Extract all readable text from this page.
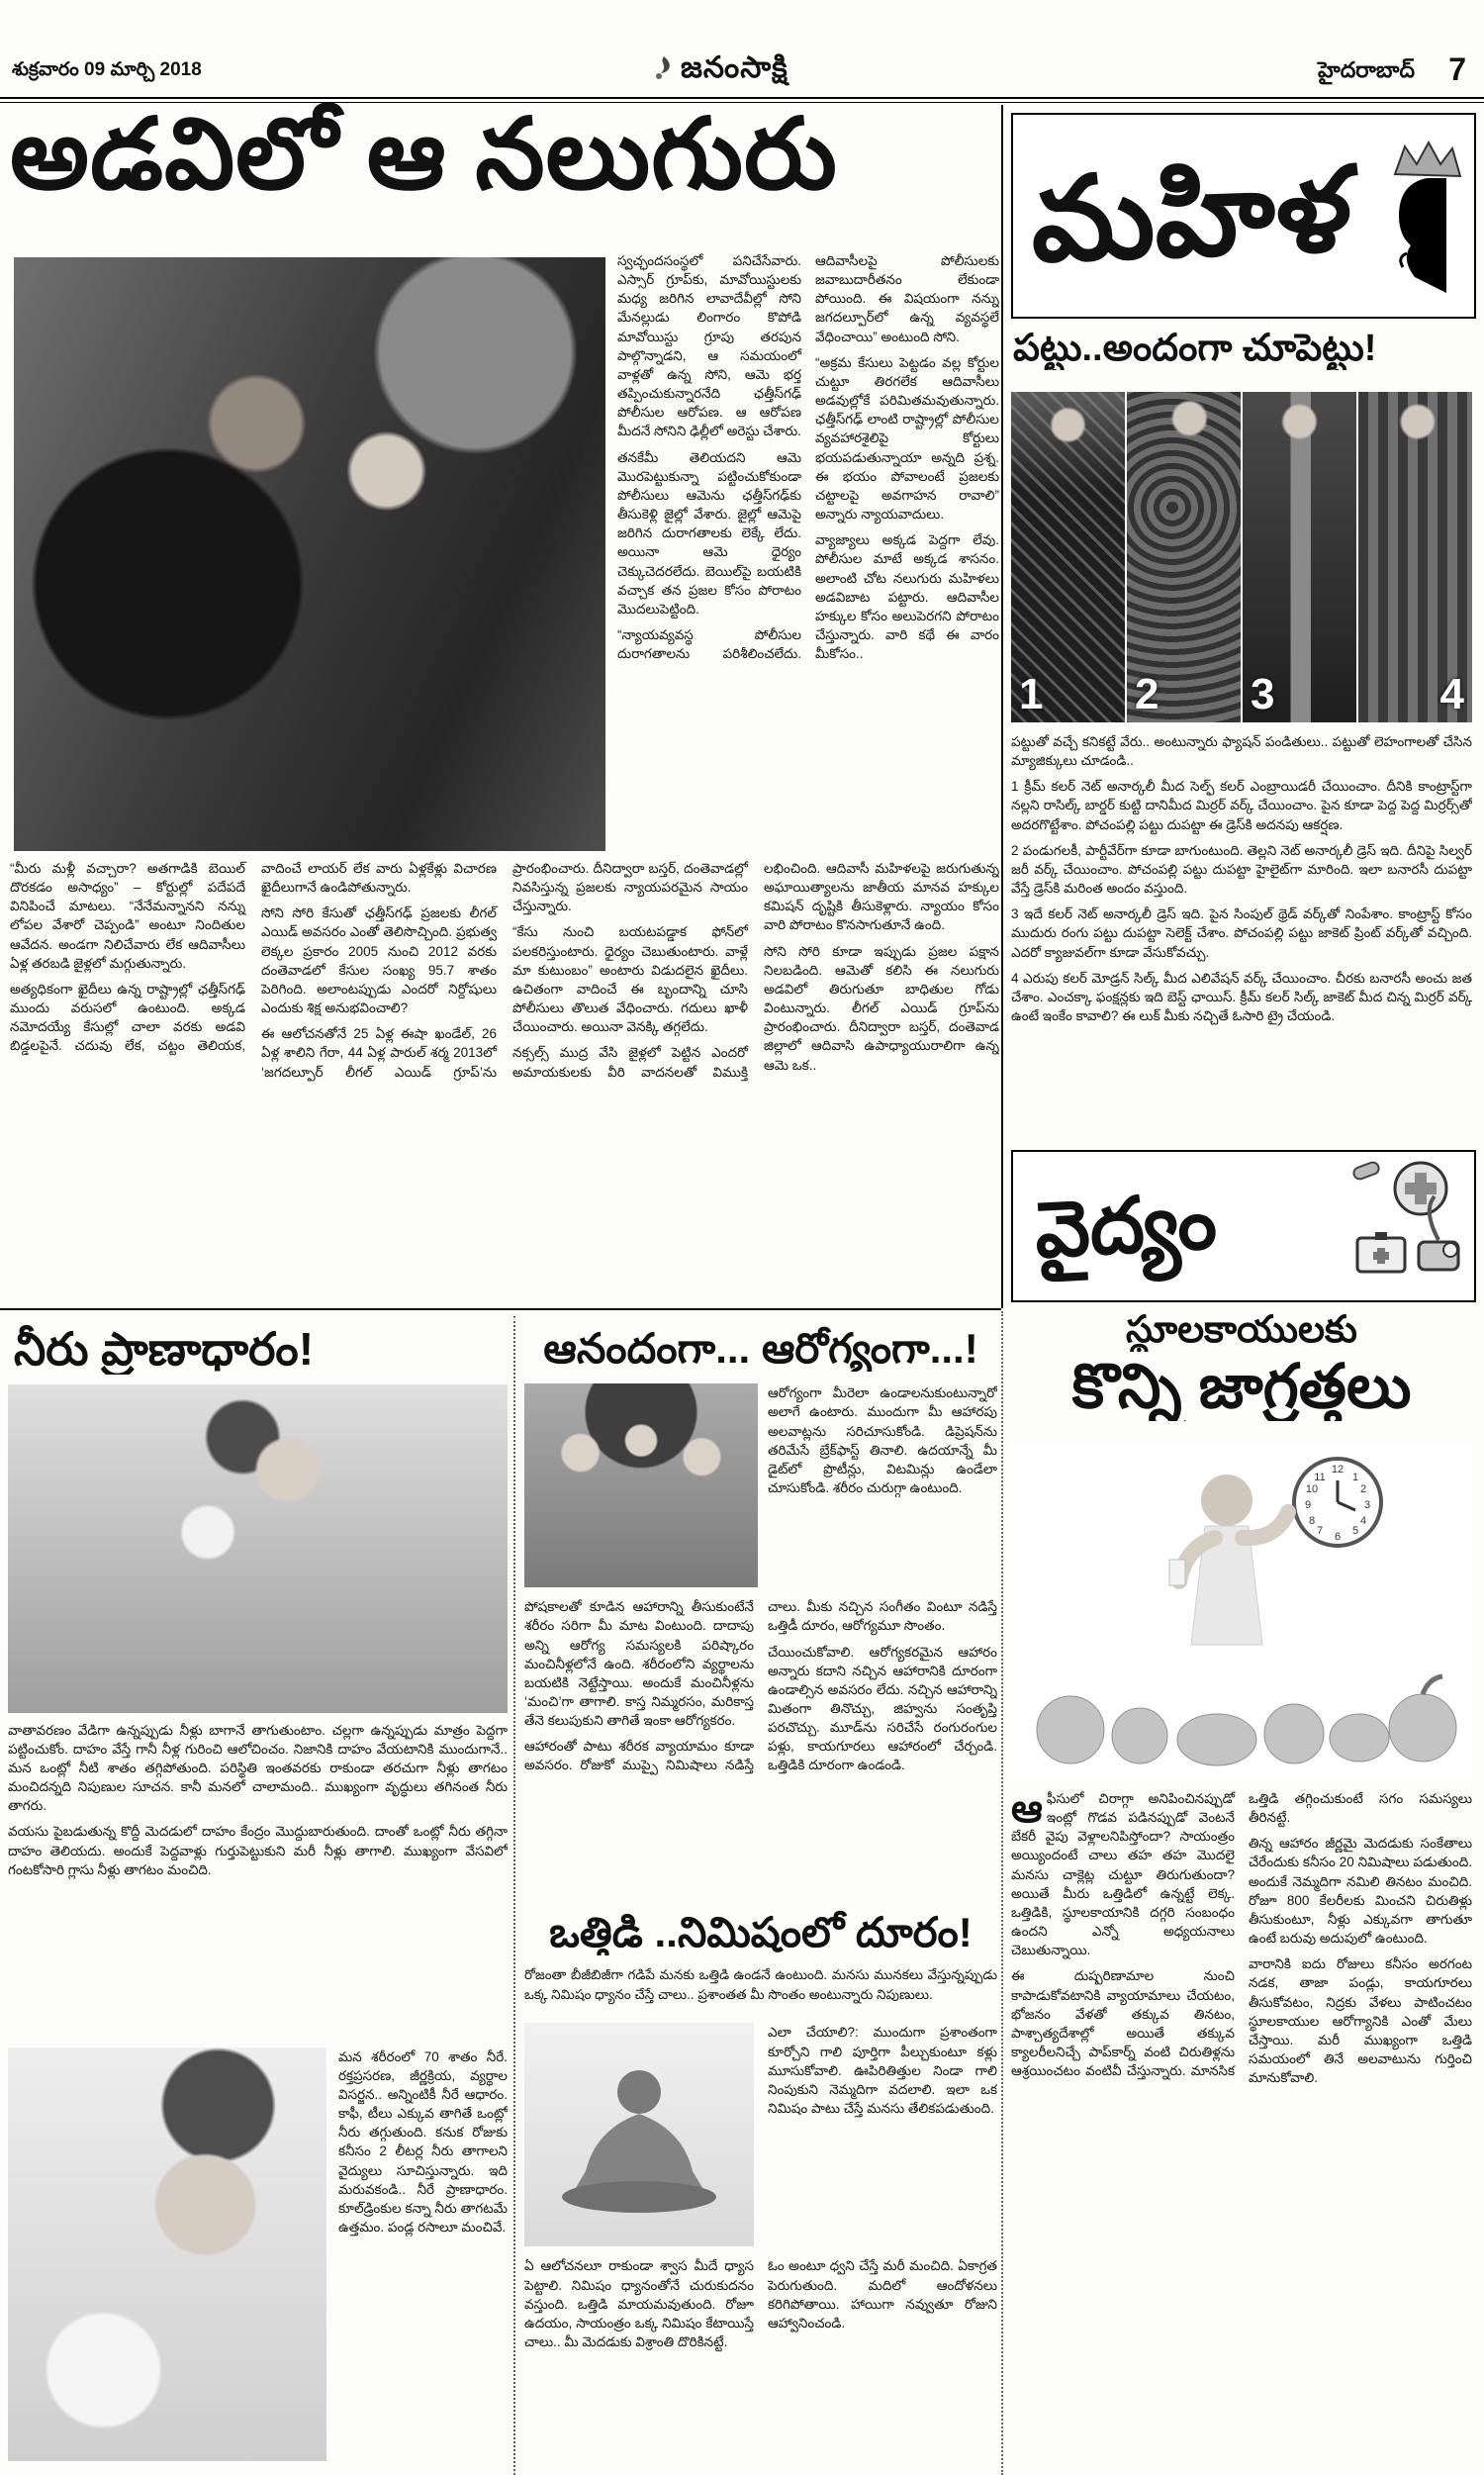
శుక్రవారం 09 మార్చి 2018	జనంసాక్షి	హైదరాబాద్ 7
అడవిలో ఆ నలుగురు

స్వచ్ఛందసంస్థలో పనిచేసేవారు. ఎస్సార్ గ్రూప్‌కు, మావోయిస్టులకు మధ్య జరిగిన లావాదేవీల్లో సోని మేనల్లుడు లింగారం కొపోడి మావోయిస్టు గ్రూపు తరపున పాల్గొన్నాడని, ఆ సమయంలో వాళ్లతో ఉన్న సోని, ఆమె భర్త తప్పించుకున్నారనేది ఛత్తీస్‌గఢ్ పోలీసుల ఆరోపణ. ఆ ఆరోపణ మీదనే సోనిని ఢిల్లీలో అరెస్టు చేశారు.

తనకేమీ తెలియదని ఆమె మొరపెట్టుకున్నా పట్టించుకోకుండా పోలీసులు ఆమెను ఛత్తీస్‌గఢ్‌కు తీసుకెళ్లి జైల్లో వేశారు. జైల్లో ఆమెపై జరిగిన దురాగతాలకు లెక్కే లేదు. అయినా ఆమె ధైర్యం చెక్కుచెదరలేదు. బెయిల్‌పై బయటికి వచ్చాక తన ప్రజల కోసం పోరాటం మొదలుపెట్టింది.

“న్యాయవ్యవస్థ పోలీసుల దురాగతాలను పరిశీలించలేదు. ఆదివాసీలపై పోలీసులకు జవాబుదారీతనం లేకుండా పోయింది. ఈ విషయంగా నన్ను జగదల్పూర్‌లో ఉన్న వ్యవస్థలే వేధించాయి” అంటుంది సోని.

“అక్రమ కేసులు పెట్టడం వల్ల కోర్టుల చుట్టూ తిరగలేక ఆదివాసీలు అడవుల్లోకే పరిమితమవుతున్నారు. ఛత్తీస్‌గఢ్ లాంటి రాష్ట్రాల్లో పోలీసుల వ్యవహారశైలిపై కోర్టులు భయపడుతున్నాయా అన్నది ప్రశ్న. ఈ భయం పోవాలంటే ప్రజలకు చట్టాలపై అవగాహన రావాలి” అన్నారు న్యాయవాదులు.

వ్యాజ్యాలు అక్కడ పెద్దగా లేవు. పోలీసుల మాటే అక్కడ శాసనం. అలాంటి చోట నలుగురు మహిళలు అడవిబాట పట్టారు. ఆదివాసీల హక్కుల కోసం అలుపెరగని పోరాటం చేస్తున్నారు. వారి కథే ఈ వారం మీకోసం..

“మీరు మళ్లీ వచ్చారా? అతగాడికి బెయిల్ దొరకడం అసాధ్యం” – కోర్టుల్లో పదేపదే వినిపించే మాటలు. “నేనేమన్నానని నన్ను లోపల వేశారో చెప్పండి” అంటూ నిందితుల ఆవేదన. అండగా నిలిచేవారు లేక ఆదివాసీలు ఏళ్ల తరబడి జైళ్లలో మగ్గుతున్నారు.

అత్యధికంగా ఖైదీలు ఉన్న రాష్ట్రాల్లో ఛత్తీస్‌గఢ్ ముందు వరుసలో ఉంటుంది. అక్కడ నమోదయ్యే కేసుల్లో చాలా వరకు అడవి బిడ్డలపైనే. చదువు లేక, చట్టం తెలియక, వాదించే లాయర్ లేక వారు ఏళ్లకేళ్లు విచారణ ఖైదీలుగానే ఉండిపోతున్నారు.

సోని సోరి కేసుతో ఛత్తీస్‌గఢ్ ప్రజలకు లీగల్ ఎయిడ్ అవసరం ఎంతో తెలిసొచ్చింది. ప్రభుత్వ లెక్కల ప్రకారం 2005 నుంచి 2012 వరకు దంతెవాడలో కేసుల సంఖ్య 95.7 శాతం పెరిగింది. అలాంటప్పుడు ఎందరో నిర్దోషులు ఎందుకు శిక్ష అనుభవించాలి?

ఈ ఆలోచనతోనే 25 ఏళ్ల ఈషా ఖండేల్, 26 ఏళ్ల శాలిని గేరా, 44 ఏళ్ల పారుల్ శర్మ 2013లో ‘జగదల్పూర్ లీగల్ ఎయిడ్ గ్రూప్’ను ప్రారంభించారు. దీనిద్వారా బస్తర్, దంతెవాడల్లో నివసిస్తున్న ప్రజలకు న్యాయపరమైన సాయం చేస్తున్నారు.

“కేసు నుంచి బయటపడ్డాక ఫోన్‌లో పలకరిస్తుంటారు. ధైర్యం చెబుతుంటారు. వాళ్లే మా కుటుంబం” అంటారు విడుదలైన ఖైదీలు. ఉచితంగా వాదించే ఈ బృందాన్ని చూసి పోలీసులు తొలుత వేధించారు. గదులు ఖాళీ చేయించారు. అయినా వెనక్కి తగ్గలేదు.

నక్సల్స్ ముద్ర వేసి జైళ్లలో పెట్టిన ఎందరో అమాయకులకు వీరి వాదనలతో విముక్తి లభించింది. ఆదివాసీ మహిళలపై జరుగుతున్న అఘాయిత్యాలను జాతీయ మానవ హక్కుల కమిషన్ దృష్టికి తీసుకెళ్లారు. న్యాయం కోసం వారి పోరాటం కొనసాగుతూనే ఉంది.

సోని సోరి కూడా ఇప్పుడు ప్రజల పక్షాన నిలబడింది. ఆమెతో కలిసి ఈ నలుగురు అడవిలో తిరుగుతూ బాధితుల గోడు వింటున్నారు. లీగల్ ఎయిడ్ గ్రూప్‌ను ప్రారంభించారు. దీనిద్వారా బస్తర్, దంతెవాడ జిల్లాలో ఆదివాసి ఉపాధ్యాయురాలిగా ఉన్న ఆమె ఒక..

నీరు ప్రాణాధారం!

వాతావరణం వేడిగా ఉన్నప్పుడు నీళ్లు బాగానే తాగుతుంటాం. చల్లగా ఉన్నప్పుడు మాత్రం పెద్దగా పట్టించుకోం. దాహం వేస్తే గానీ నీళ్ల గురించి ఆలోచించం. నిజానికి దాహం వేయటానికి ముందుగానే.. మన ఒంట్లో నీటి శాతం తగ్గిపోతుంది. పరిస్థితి ఇంతవరకు రాకుండా తరచుగా నీళ్లు తాగటం మంచిదన్నది నిపుణుల సూచన. కానీ మనలో చాలామంది.. ముఖ్యంగా వృద్ధులు తగినంత నీరు తాగరు.

వయసు పైబడుతున్న కొద్దీ మెదడులో దాహం కేంద్రం మొద్దుబారుతుంది. దాంతో ఒంట్లో నీరు తగ్గినా దాహం తెలియదు. అందుకే పెద్దవాళ్లు గుర్తుపెట్టుకుని మరీ నీళ్లు తాగాలి. ముఖ్యంగా వేసవిలో గంటకోసారి గ్లాసు నీళ్లు తాగటం మంచిది.

మన శరీరంలో 70 శాతం నీరే. రక్తప్రసరణ, జీర్ణక్రియ, వ్యర్థాల విసర్జన.. అన్నింటికీ నీరే ఆధారం. కాఫీ, టీలు ఎక్కువ తాగితే ఒంట్లో నీరు తగ్గుతుంది. కనుక రోజుకు కనీసం 2 లీటర్ల నీరు తాగాలని వైద్యులు సూచిస్తున్నారు. ఇది మరువకండి.. నీరే ప్రాణాధారం. కూల్‌డ్రింకుల కన్నా నీరు తాగటమే ఉత్తమం. పండ్ల రసాలూ మంచివే.

ఆనందంగా... ఆరోగ్యంగా...!

ఆరోగ్యంగా మీరెలా ఉండాలనుకుంటున్నారో అలాగే ఉంటారు. ముందుగా మీ ఆహారపు అలవాట్లను సరిచూసుకోండి. డిప్రెషన్‌ను తరిమేసే బ్రేక్‌ఫాస్ట్ తినాలి. ఉదయాన్నే మీ డైట్‌లో ప్రొటీన్లు, విటమిన్లు ఉండేలా చూసుకోండి. శరీరం చురుగ్గా ఉంటుంది.

పోషకాలతో కూడిన ఆహారాన్ని తీసుకుంటేనే శరీరం సరిగా మీ మాట వింటుంది. దాదాపు అన్ని ఆరోగ్య సమస్యలకి పరిష్కారం మంచినీళ్లలోనే ఉంది. శరీరంలోని వ్యర్థాలను బయటికి నెట్టేస్తాయి. అందుకే మంచినీళ్లను ‘మంచి’గా తాగాలి. కాస్త నిమ్మరసం, మరికాస్త తేనె కలుపుకుని తాగితే ఇంకా ఆరోగ్యకరం.

ఆహారంతో పాటు శరీరక వ్యాయామం కూడా అవసరం. రోజుకో ముప్పై నిమిషాలు నడిస్తే చాలు. మీకు నచ్చిన సంగీతం వింటూ నడిస్తే ఒత్తిడీ దూరం, ఆరోగ్యమూ సొంతం.

చేయించుకోవాలి. ఆరోగ్యకరమైన ఆహారం అన్నారు కదాని నచ్చిన ఆహారానికి దూరంగా ఉండాల్సిన అవసరం లేదు. నచ్చిన ఆహారాన్ని మితంగా తినొచ్చు, జిహ్వను సంతృప్తి పరచొచ్చు. మూడ్‌ను సరిచేసే రంగురంగుల పళ్లు, కాయగూరలు ఆహారంలో చేర్చండి. ఒత్తిడికి దూరంగా ఉండండి.

ఒత్తిడి ..నిమిషంలో దూరం!

రోజంతా బీజీబిజీగా గడిపే మనకు ఒత్తిడి ఉండనే ఉంటుంది. మనసు మునకలు వేస్తున్నప్పుడు ఒక్క నిమిషం ధ్యానం చేస్తే చాలు.. ప్రశాంతత మీ సొంతం అంటున్నారు నిపుణులు.

ఎలా చేయాలి?: ముందుగా ప్రశాంతంగా కూర్చోని గాలి పూర్తిగా పీల్చుకుంటూ కళ్లు మూసుకోవాలి. ఊపిరితిత్తుల నిండా గాలి నింపుకుని నెమ్మదిగా వదలాలి. ఇలా ఒక నిమిషం పాటు చేస్తే మనసు తేలికపడుతుంది.

ఏ ఆలోచనలూ రాకుండా శ్వాస మీదే ధ్యాస పెట్టాలి. నిమిషం ధ్యానంతోనే చురుకుదనం వస్తుంది. ఒత్తిడి మాయమవుతుంది. రోజూ ఉదయం, సాయంత్రం ఒక్క నిమిషం కేటాయిస్తే చాలు.. మీ మెదడుకు విశ్రాంతి దొరికినట్టే.

ఓం అంటూ ధ్వని చేస్తే మరీ మంచిది. ఏకాగ్రత పెరుగుతుంది. మదిలో ఆందోళనలు కరిగిపోతాయి. హాయిగా నవ్వుతూ రోజుని ఆహ్వానించండి.

మహిళ
పట్టు..అందంగా చూపెట్టు!
1 2 3	4

పట్టుతో వచ్చే కనికట్టే వేరు.. అంటున్నారు ఫ్యాషన్ పండితులు.. పట్టుతో లెహంగాలతో చేసిన మ్యాజిక్కులు చూడండి..

1 క్రీమ్ కలర్ నెట్ అనార్కలీ మీద సెల్ఫ్ కలర్ ఎంబ్రాయిడరీ చేయించాం. దీనికి కాంట్రాస్ట్‌గా నల్లని రాసిల్క్ బార్డర్ కుట్టి దానిమీద మిర్రర్ వర్క్ చేయించాం. పైన కూడా పెద్ద పెద్ద మిర్రర్స్‌తో అదరగొట్టేశాం. పోచంపల్లి పట్టు దుపట్టా ఈ డ్రెస్‌కి అదనపు ఆకర్షణ.

2 పండుగలకీ, పార్టీవేర్‌గా కూడా బాగుంటుంది. తెల్లని నెట్ అనార్కలీ డ్రెస్ ఇది. దీనిపై సిల్వర్ జరీ వర్క్ చేయించాం. పోచంపల్లి పట్టు దుపట్టా హైలైట్‌గా మారింది. ఇలా బనారసీ దుపట్టా వేస్తే డ్రెస్‌కి మరింత అందం వస్తుంది.

3 ఇదే కలర్ నెట్ అనార్కలీ డ్రెస్ ఇది. పైన సింపుల్ థ్రెడ్ వర్క్‌తో నింపేశాం. కాంట్రాస్ట్ కోసం ముదురు రంగు పట్టు దుపట్టా సెలెక్ట్ చేశాం. పోచంపల్లి పట్టు జాకెట్ ప్రింట్ వర్క్‌తో వచ్చింది. ఎదరో క్యాజువల్‌గా కూడా వేసుకోవచ్చు.

4 ఎరుపు కలర్ మోడ్రన్ సిల్క్ మీద ఎలివేషన్ వర్క్ చేయించాం. చీరకు బనారసీ అంచు జత చేశాం. ఎంచక్కా ఫంక్షన్లకు ఇది బెస్ట్ ఛాయిస్. క్రీమ్ కలర్ సిల్క్ జాకెట్ మీద చిన్న మిర్రర్ వర్క్ ఉంటే ఇంకేం కావాలి? ఈ లుక్ మీకు నచ్చితే ఓసారి ట్రై చేయండి.

వైద్యం
స్థూలకాయులకు
కొన్ని జాగ్రత్తలు
12
3
6
9
1
2
11
10
4
5
8
7

ఆఫీసులో చిరాగ్గా అనిపించినప్పుడో ఇంట్లో గొడవ పడినప్పుడో వెంటనే బేకరీ వైపు వెళ్లాలనిపిస్తోందా? సాయంత్రం అయ్యిందంటే చాలు తహ తహ మొదలై మనసు చాక్లెట్ల చుట్టూ తిరుగుతుందా? అయితే మీరు ఒత్తిడిలో ఉన్నట్టే లెక్క. ఒత్తిడికి, స్థూలకాయానికి దగ్గరి సంబంధం ఉందని ఎన్నో అధ్యయనాలు చెబుతున్నాయి.

ఈ దుష్పరిణామాల నుంచి కాపాడుకోవటానికి వ్యాయామాలు చేయటం, భోజనం వేళతో తక్కువ తినటం, పాశ్చాత్యదేశాల్లో అయితే తక్కువ క్యాలరీలనిచ్చే పాప్‌కార్న్ వంటి చిరుతిళ్లను ఆశ్రయించటం వంటివీ చేస్తున్నారు. మానసిక ఒత్తిడి తగ్గించుకుంటే సగం సమస్యలు తీరినట్టే.

తిన్న ఆహారం జీర్ణమై మెదడుకు సంకేతాలు చేరేందుకు కనీసం 20 నిమిషాలు పడుతుంది. అందుకే నెమ్మదిగా నమిలి తినటం మంచిది. రోజూ 800 కేలరీలకు మించని చిరుతిళ్లు తీసుకుంటూ, నీళ్లు ఎక్కువగా తాగుతూ ఉంటే బరువు అదుపులో ఉంటుంది.

వారానికి ఐదు రోజులు కనీసం అరగంట నడక, తాజా పండ్లు, కాయగూరలు తీసుకోవటం, నిద్రకు వేళలు పాటించటం స్థూలకాయుల ఆరోగ్యానికి ఎంతో మేలు చేస్తాయి. మరీ ముఖ్యంగా ఒత్తిడి సమయంలో తినే అలవాటును గుర్తించి మానుకోవాలి.
